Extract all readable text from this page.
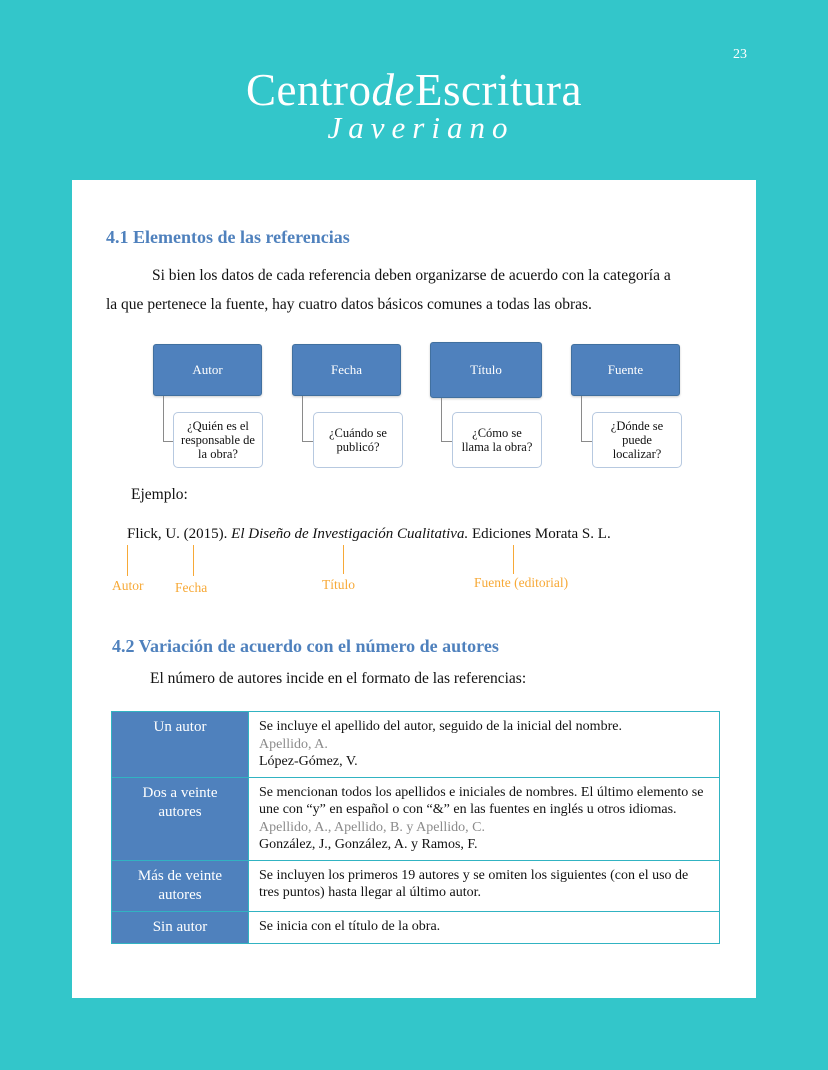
23
CentrodeEscritura
Javeriano
4.1 Elementos de las referencias
Si bien los datos de cada referencia deben organizarse de acuerdo con la categoría a
la que pertenece la fuente, hay cuatro datos básicos comunes a todas las obras.
Autor
¿Quién es el responsable de la obra?
Fecha
¿Cuándo se publicó?
Título
¿Cómo se llama la obra?
Fuente
¿Dónde se puede localizar?
Ejemplo:
Flick, U. (2015). El Diseño de Investigación Cualitativa. Ediciones Morata S. L.
Autor Fecha	Título	Fuente (editorial)
4.2 Variación de acuerdo con el número de autores
El número de autores incide en el formato de las referencias:
Un autor	Se incluye el apellido del autor, seguido de la inicial del nombre.
Apellido, A.
López-Gómez, V.

Dos a veinte autores	Se mencionan todos los apellidos e iniciales de nombres. El último elemento se une con “y” en español o con “&” en las fuentes en inglés u otros idiomas.
Apellido, A., Apellido, B. y Apellido, C.
González, J., González, A. y Ramos, F.

Más de veinte autores	Se incluyen los primeros 19 autores y se omiten los siguientes (con el uso de tres puntos) hasta llegar al último autor.

Sin autor	Se inicia con el título de la obra.
